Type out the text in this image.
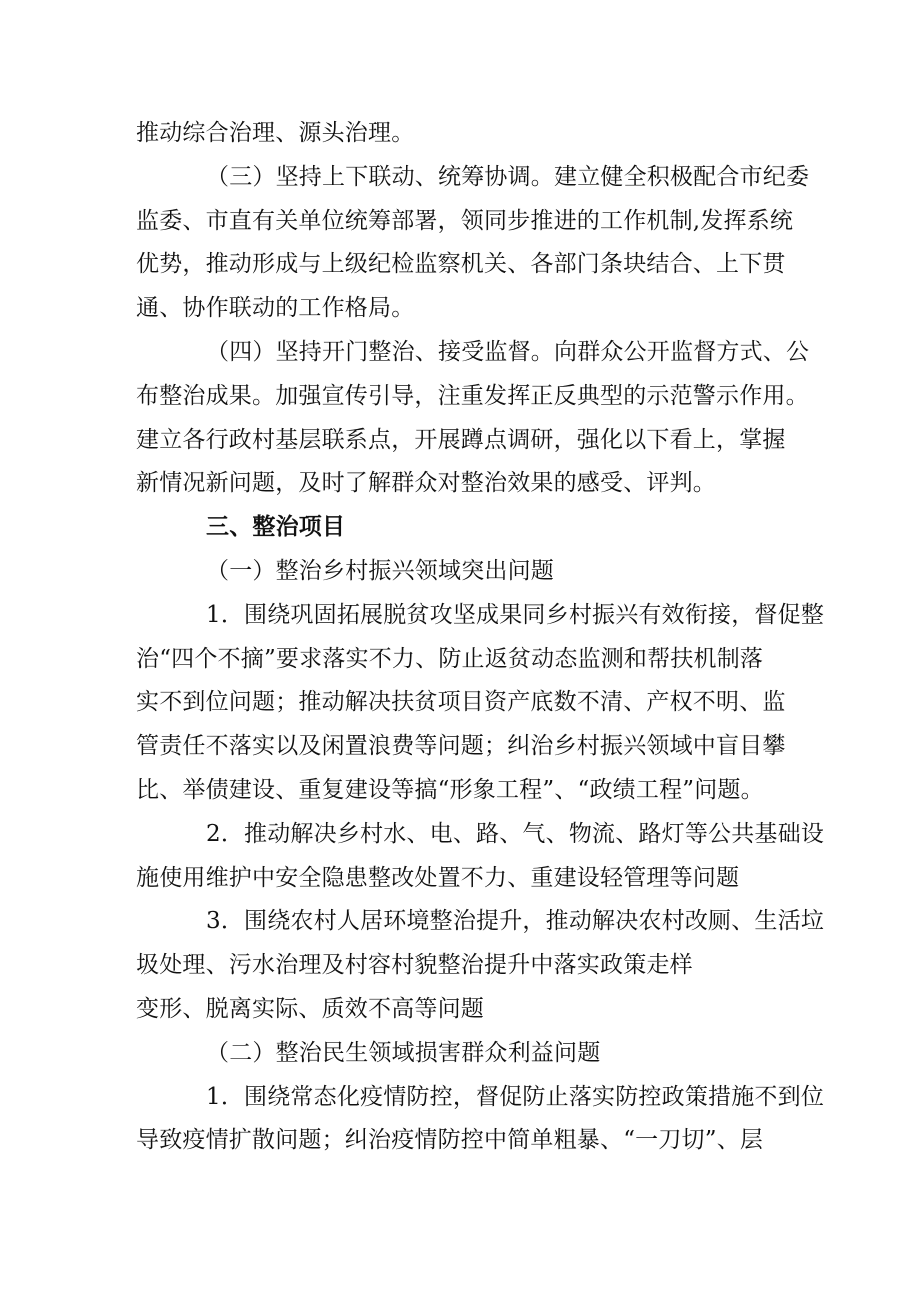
推动综合治理、源头治理。
（三）坚持上下联动、统筹协调。建立健全积极配合市纪委
监委、市直有关单位统筹部署，领同步推进的工作机制,发挥系统
优势，推动形成与上级纪检监察机关、各部门条块结合、上下贯
通、协作联动的工作格局。
（四）坚持开门整治、接受监督。向群众公开监督方式、公
布整治成果。加强宣传引导，注重发挥正反典型的示范警示作用。
建立各行政村基层联系点，开展蹲点调研，强化以下看上，掌握
新情况新问题，及时了解群众对整治效果的感受、评判。
三、整治项目
（一）整治乡村振兴领域突出问题
1．围绕巩固拓展脱贫攻坚成果同乡村振兴有效衔接，督促整
治“四个不摘”要求落实不力、防止返贫动态监测和帮扶机制落
实不到位问题；推动解决扶贫项目资产底数不清、产权不明、监
管责任不落实以及闲置浪费等问题；纠治乡村振兴领域中盲目攀
比、举债建设、重复建设等搞“形象工程”、“政绩工程”问题。
2．推动解决乡村水、电、路、气、物流、路灯等公共基础设
施使用维护中安全隐患整改处置不力、重建设轻管理等问题
3．围绕农村人居环境整治提升，推动解决农村改厕、生活垃
圾处理、污水治理及村容村貌整治提升中落实政策走样
变形、脱离实际、质效不高等问题
（二）整治民生领域损害群众利益问题
1．围绕常态化疫情防控，督促防止落实防控政策措施不到位
导致疫情扩散问题；纠治疫情防控中简单粗暴、“一刀切”、层
